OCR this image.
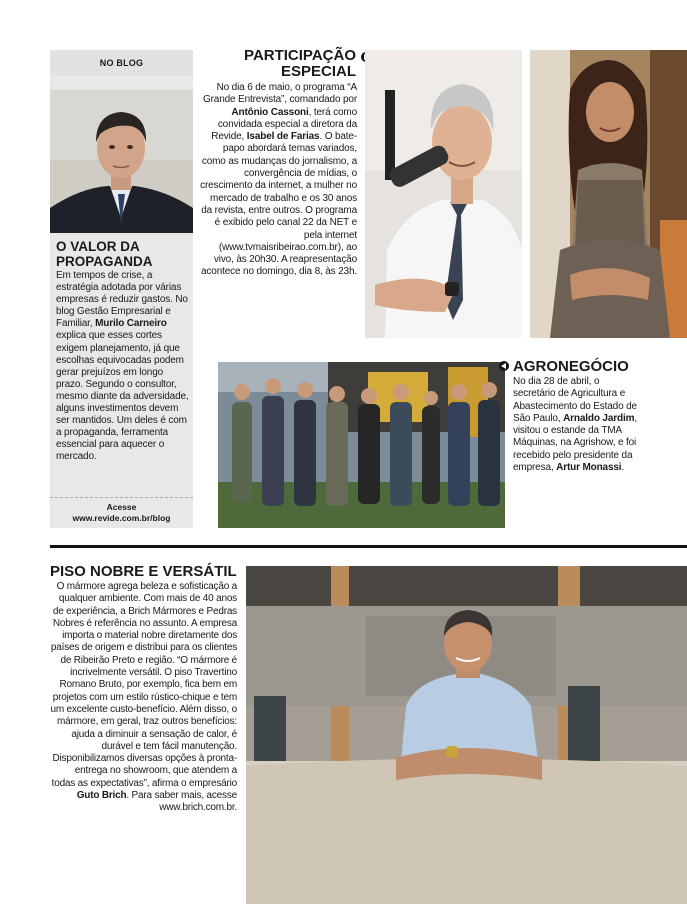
NO BLOG
O VALOR DA
PROPAGANDA
Em tempos de crise, a estratégia adotada por várias empresas é reduzir gastos. No blog Gestão Empresarial e Familiar, Murilo Carneiro explica que esses cortes exigem planejamento, já que escolhas equivocadas podem gerar prejuízos em longo prazo. Segundo o consultor, mesmo diante da adversidade, alguns investimentos devem ser mantidos. Um deles é com a propaganda, ferramenta essencial para aquecer o mercado.
Acesse
www.revide.com.br/blog
PARTICIPAÇÃO
ESPECIAL
No dia 6 de maio, o programa “A Grande Entrevista”, comandado por Antônio Cassoni, terá como convidada especial a diretora da Revide, Isabel de Farias. O bate-papo abordará temas variados, como as mudanças do jornalismo, a convergência de mídias, o crescimento da internet, a mulher no mercado de trabalho e os 30 anos da revista, entre outros. O programa é exibido pelo canal 22 da NET e pela internet (www.tvmaisribeirao.com.br), ao vivo, às 20h30. A reapresentação acontece no domingo, dia 8, às 23h.
AGRONEGÓCIO
No dia 28 de abril, o secretário de Agricultura e Abastecimento do Estado de São Paulo, Arnaldo Jardim, visitou o estande da TMA Máquinas, na Agrishow, e foi recebido pelo presidente da empresa, Artur Monassi.
PISO NOBRE E VERSÁTIL
O mármore agrega beleza e sofisticação a qualquer ambiente. Com mais de 40 anos de experiência, a Brich Mármores e Pedras Nobres é referência no assunto. A empresa importa o material nobre diretamente dos países de origem e distribui para os clientes de Ribeirão Preto e região. “O mármore é incrivelmente versátil. O piso Travertino Romano Bruto, por exemplo, fica bem em projetos com um estilo rústico-chique e tem um excelente custo-benefício. Além disso, o mármore, em geral, traz outros benefícios: ajuda a diminuir a sensação de calor, é durável e tem fácil manutenção. Disponibilizamos diversas opções à pronta-entrega no showroom, que atendem a todas as expectativas”, afirma o empresário Guto Brich. Para saber mais, acesse www.brich.com.br.
